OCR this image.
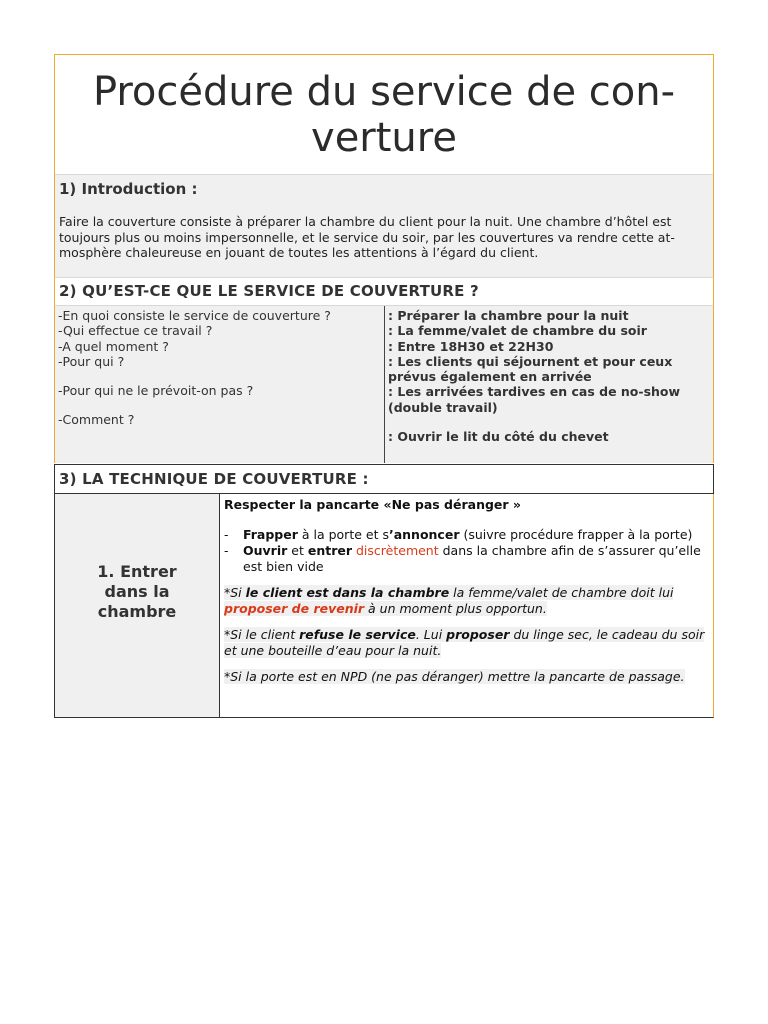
Procédure du service de con-
verture
1) Introduction :

Faire la couverture consiste à préparer la chambre du client pour la nuit. Une chambre d’hôtel est toujours plus ou moins impersonnelle, et le service du soir, par les couvertures va rendre cette at-mosphère chaleureuse en jouant de toutes les attentions à l’égard du client.

2) QU’EST-CE QUE LE SERVICE DE COUVERTURE ?
-En quoi consiste le service de couverture ?
-Qui effectue ce travail ?
-A quel moment ?
-Pour qui ?
-Pour qui ne le prévoit-on pas ?
-Comment ?
: Préparer la chambre pour la nuit
: La femme/valet de chambre du soir
: Entre 18H30 et 22H30
: Les clients qui séjournent et pour ceux prévus également en arrivée
: Les arrivées tardives en cas de no-show (double travail)
: Ouvrir le lit du côté du chevet
3) LA TECHNIQUE DE COUVERTURE :
1. Entrer
dans la
chambre

Respecter la pancarte «Ne pas déranger »

- Frapper à la porte et s’annoncer (suivre procédure frapper à la porte)
- Ouvrir et entrer discrètement dans la chambre afin de s’assurer qu’elle est bien vide

*Si le client est dans la chambre la femme/valet de chambre doit lui proposer de revenir à un moment plus opportun.

*Si le client refuse le service. Lui proposer du linge sec, le cadeau du soir et une bouteille d’eau pour la nuit.

*Si la porte est en NPD (ne pas déranger) mettre la pancarte de passage.
